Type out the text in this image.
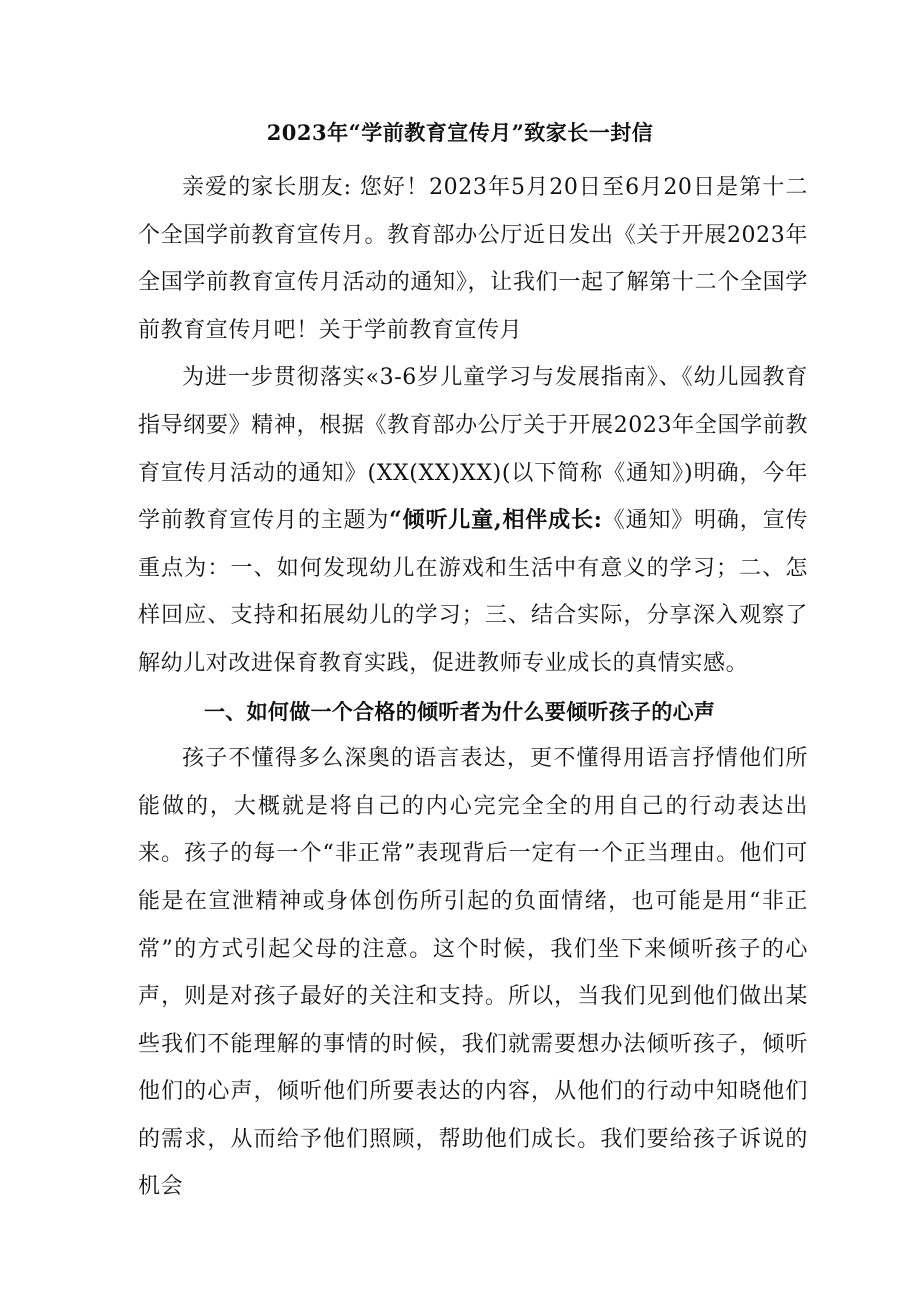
2023年“学前教育宣传月”致家长一封信

亲爱的家长朋友: 您好！2023年5月20日至6月20日是第十二个全国学前教育宣传月。教育部办公厅近日发出《关于开展2023年全国学前教育宣传月活动的通知》，让我们一起了解第十二个全国学前教育宣传月吧！关于学前教育宣传月

为进一步贯彻落实«3-6岁儿童学习与发展指南》、《幼儿园教育指导纲要》精神，根据《教育部办公厅关于开展2023年全国学前教育宣传月活动的通知》(XX(XX)XX)(以下简称《通知》)明确，今年学前教育宣传月的主题为“倾听儿童,相伴成长:《通知》明确，宣传重点为：一、如何发现幼儿在游戏和生活中有意义的学习；二、怎样回应、支持和拓展幼儿的学习；三、结合实际，分享深入观察了解幼儿对改进保育教育实践，促进教师专业成长的真情实感。

一、如何做一个合格的倾听者为什么要倾听孩子的心声

孩子不懂得多么深奥的语言表达，更不懂得用语言抒情他们所能做的，大概就是将自己的内心完完全全的用自己的行动表达出来。孩子的每一个“非正常”表现背后一定有一个正当理由。他们可能是在宣泄精神或身体创伤所引起的负面情绪，也可能是用“非正常”的方式引起父母的注意。这个时候，我们坐下来倾听孩子的心声，则是对孩子最好的关注和支持。所以，当我们见到他们做出某些我们不能理解的事情的时候，我们就需要想办法倾听孩子，倾听他们的心声，倾听他们所要表达的内容，从他们的行动中知晓他们的需求，从而给予他们照顾，帮助他们成长。我们要给孩子诉说的机会
